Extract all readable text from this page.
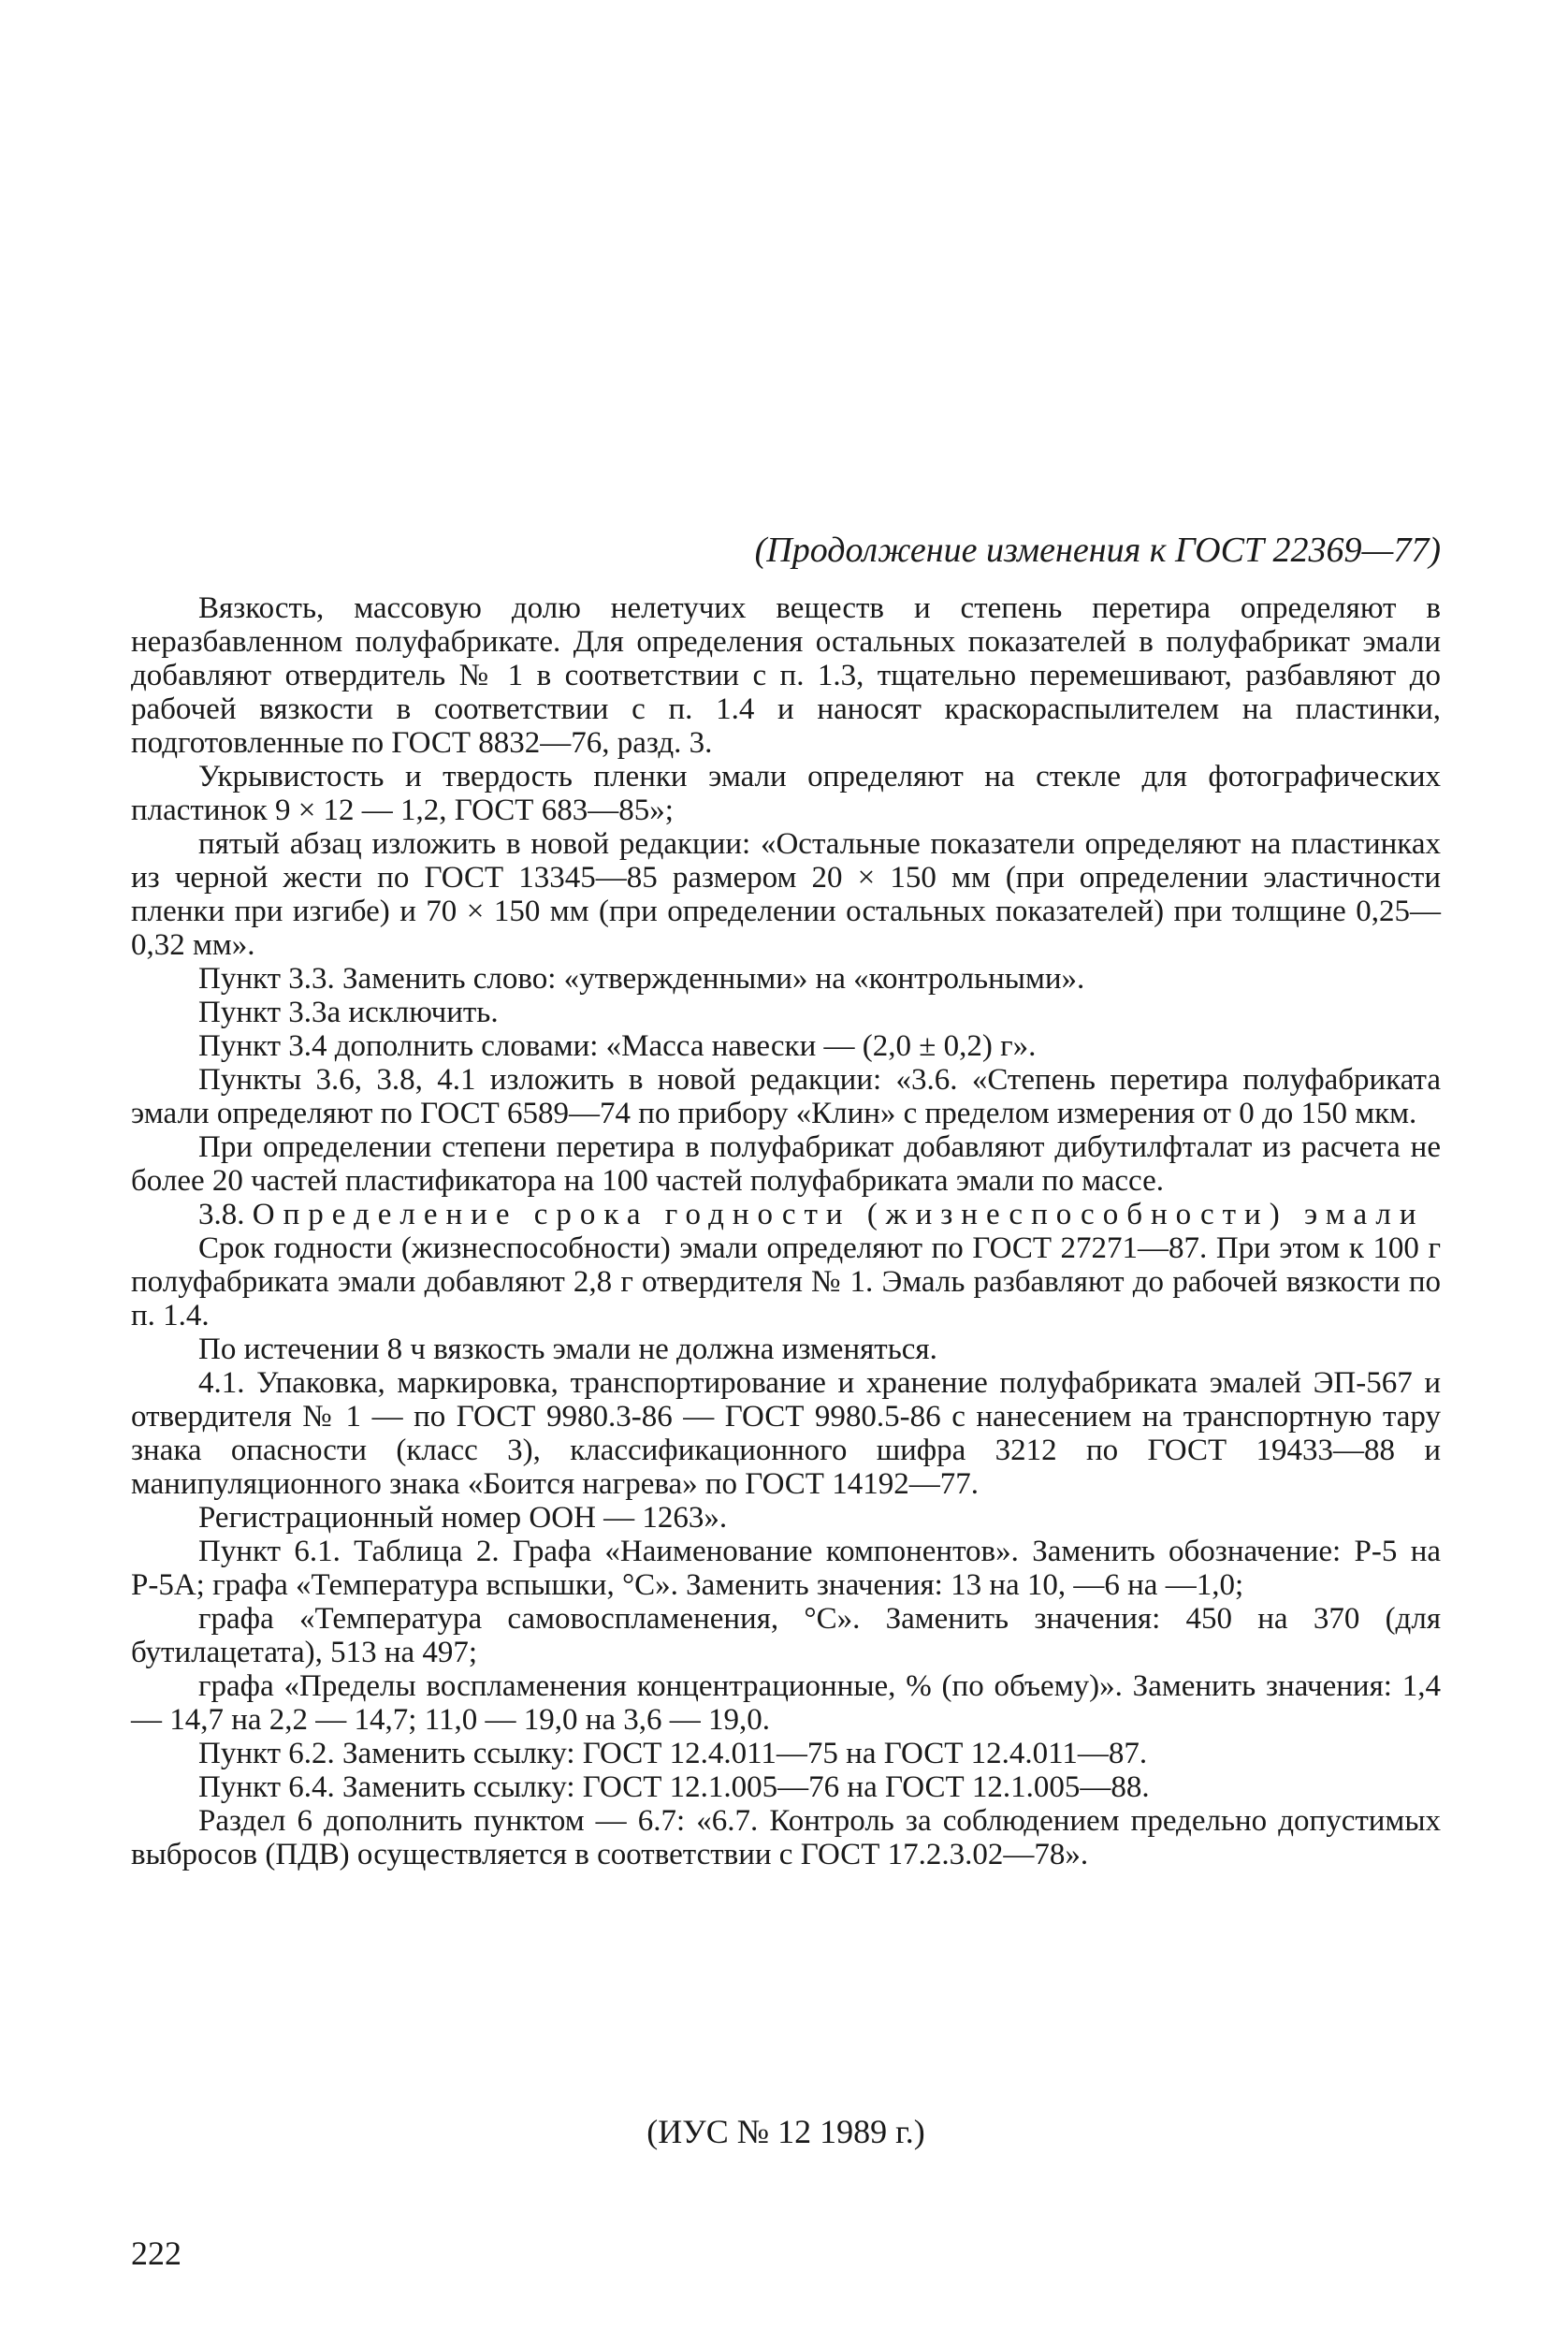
(Продолжение изменения к ГОСТ 22369—77)

Вязкость, массовую долю нелетучих веществ и степень перетира определяют в неразбавленном полуфабрикате. Для определения остальных показателей в полуфабрикат эмали добавляют отвердитель № 1 в соответствии с п. 1.3, тщательно перемешивают, разбавляют до рабочей вязкости в соответствии с п. 1.4 и наносят краскораспылителем на пластинки, подготовленные по ГОСТ 8832—76, разд. 3.

Укрывистость и твердость пленки эмали определяют на стекле для фотографических пластинок 9 × 12 — 1,2, ГОСТ 683—85»;

пятый абзац изложить в новой редакции: «Остальные показатели определяют на пластинках из черной жести по ГОСТ 13345—85 размером 20 × 150 мм (при определении эластичности пленки при изгибе) и 70 × 150 мм (при определении остальных показателей) при толщине 0,25—0,32 мм».

Пункт 3.3. Заменить слово: «утвержденными» на «контрольными».

Пункт 3.3а исключить.

Пункт 3.4 дополнить словами: «Масса навески — (2,0 ± 0,2) г».

Пункты 3.6, 3.8, 4.1 изложить в новой редакции: «3.6. «Степень перетира полуфабриката эмали определяют по ГОСТ 6589—74 по прибору «Клин» с пределом измерения от 0 до 150 мкм.

При определении степени перетира в полуфабрикат добавляют дибутилфталат из расчета не более 20 частей пластификатора на 100 частей полуфабриката эмали по массе.

3.8. Определение срока годности (жизнеспособности) эмали

Срок годности (жизнеспособности) эмали определяют по ГОСТ 27271—87. При этом к 100 г полуфабриката эмали добавляют 2,8 г отвердителя № 1. Эмаль разбавляют до рабочей вязкости по п. 1.4.

По истечении 8 ч вязкость эмали не должна изменяться.

4.1. Упаковка, маркировка, транспортирование и хранение полуфабриката эмалей ЭП-567 и отвердителя № 1 — по ГОСТ 9980.3-86 — ГОСТ 9980.5-86 с нанесением на транспортную тару знака опасности (класс 3), классификационного шифра 3212 по ГОСТ 19433—88 и манипуляционного знака «Боится нагрева» по ГОСТ 14192—77.

Регистрационный номер ООН — 1263».

Пункт 6.1. Таблица 2. Графа «Наименование компонентов». Заменить обозначение: Р-5 на Р-5А; графа «Температура вспышки, °С». Заменить значения: 13 на 10, —6 на —1,0;

графа «Температура самовоспламенения, °С». Заменить значения: 450 на 370 (для бутилацетата), 513 на 497;

графа «Пределы воспламенения концентрационные, % (по объему)». Заменить значения: 1,4 — 14,7 на 2,2 — 14,7; 11,0 — 19,0 на 3,6 — 19,0.

Пункт 6.2. Заменить ссылку: ГОСТ 12.4.011—75 на ГОСТ 12.4.011—87.

Пункт 6.4. Заменить ссылку: ГОСТ 12.1.005—76 на ГОСТ 12.1.005—88.

Раздел 6 дополнить пунктом — 6.7: «6.7. Контроль за соблюдением предельно допустимых выбросов (ПДВ) осуществляется в соответствии с ГОСТ 17.2.3.02—78».

(ИУС № 12 1989 г.)
222
